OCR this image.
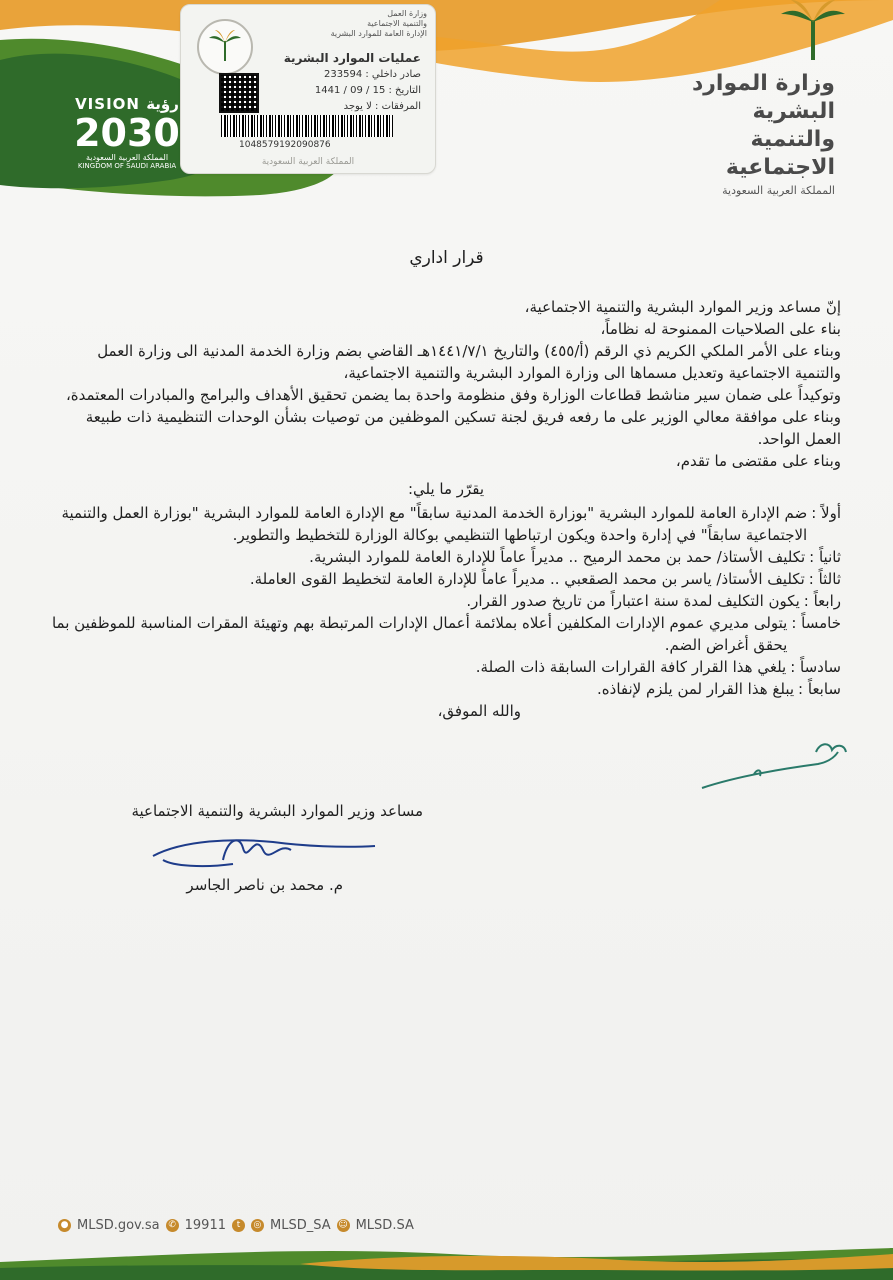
VISION رؤية
2030
المملكة العربية السعودية
KINGDOM OF SAUDI ARABIA
وزارة الموارد البشرية
والتنمية الاجتماعية
المملكة العربية السعودية
وزارة العمل
والتنمية الاجتماعية
الإدارة العامة للموارد البشرية
عمليات الموارد البشرية
صادر داخلي : 233594
التاريخ : 15 / 09 / 1441
المرفقات : لا يوجد
1048579192090876
المملكة العربية السعودية
قرار اداري

إنّ مساعد وزير الموارد البشرية والتنمية الاجتماعية،

بناء على الصلاحيات الممنوحة له نظاماً،

وبناء على الأمر الملكي الكريم ذي الرقم (أ/٤٥٥) والتاريخ ١٤٤١/٧/١هـ القاضي بضم وزارة الخدمة المدنية الى وزارة العمل والتنمية الاجتماعية وتعديل مسماها الى وزارة الموارد البشرية والتنمية الاجتماعية،

وتوكيداً على ضمان سير مناشط قطاعات الوزارة وفق منظومة واحدة بما يضمن تحقيق الأهداف والبرامج والمبادرات المعتمدة، وبناء على موافقة معالي الوزير على ما رفعه فريق لجنة تسكين الموظفين من توصيات بشأن الوحدات التنظيمية ذات طبيعة العمل الواحد.

وبناء على مقتضى ما تقدم،

يقرّر ما يلي:

أولاً :
ضم الإدارة العامة للموارد البشرية "بوزارة الخدمة المدنية سابقاً" مع الإدارة العامة للموارد البشرية "بوزارة العمل والتنمية الاجتماعية سابقاً" في إدارة واحدة ويكون ارتباطها التنظيمي بوكالة الوزارة للتخطيط والتطوير.
ثانياً :
تكليف الأستاذ/ حمد بن محمد الرميح .. مديراً عاماً للإدارة العامة للموارد البشرية.
ثالثاً :
تكليف الأستاذ/ ياسر بن محمد الصقعبي .. مديراً عاماً للإدارة العامة لتخطيط القوى العاملة.
رابعاً :
يكون التكليف لمدة سنة اعتباراً من تاريخ صدور القرار.
خامساً :
يتولى مديري عموم الإدارات المكلفين أعلاه بملائمة أعمال الإدارات المرتبطة بهم وتهيئة المقرات المناسبة للموظفين بما يحقق أغراض الضم.
سادساً :
يلغي هذا القرار كافة القرارات السابقة ذات الصلة.
سابعاً :
يبلغ هذا القرار لمن يلزم لإنفاذه.

والله الموفق،

مساعد وزير الموارد البشرية والتنمية الاجتماعية
م. محمد بن ناصر الجاسر
● MLSD.gov.sa ✆ 19911	t	◎ MLSD_SA ☺ MLSD.SA
